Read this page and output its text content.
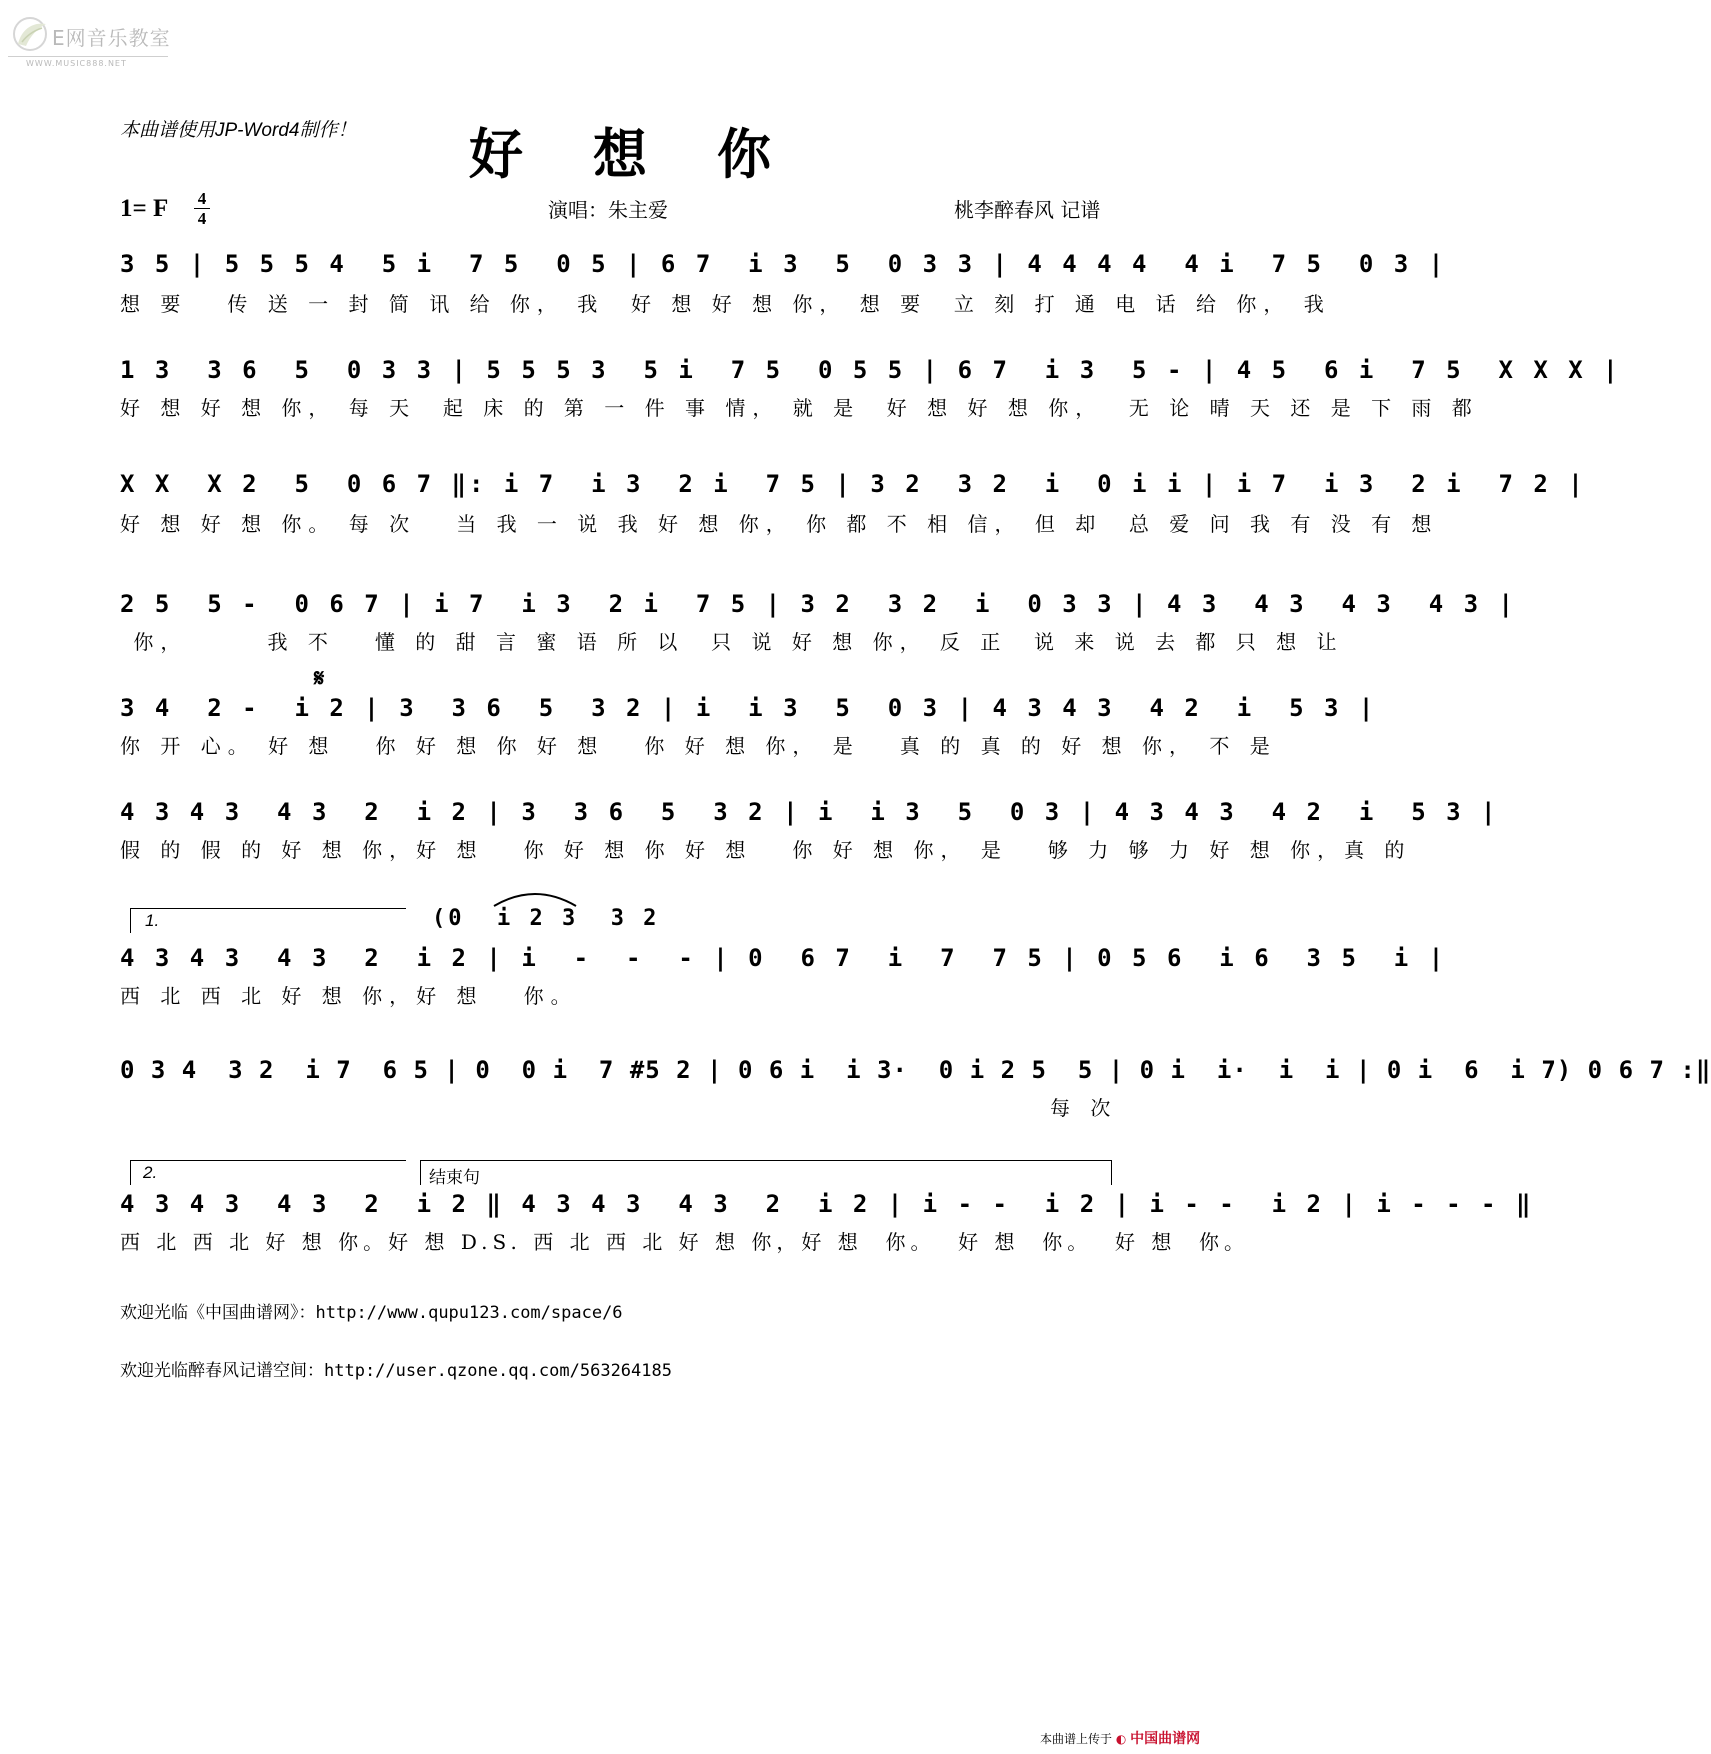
E网音乐教室
WWW.MUSIC888.NET
本曲谱使用JP-Word4制作！	好想你
1= F 4
4	演唱：朱主爱	桃李醉春风 记谱
3 5 | 5 5 5 4  5 i  7 5  0 5 | 6 7  i 3  5  0 3 3 | 4 4 4 4  4 i  7 5  0 3 |
想 要   传 送 一 封 简 讯 给 你， 我  好 想 好 想 你， 想 要  立 刻 打 通 电 话 给 你， 我
1 3  3 6  5  0 3 3 | 5 5 5 3  5 i  7 5  0 5 5 | 6 7  i 3  5 - | 4 5  6 i  7 5  X X X |
好 想 好 想 你， 每 天  起 床 的 第 一 件 事 情， 就 是  好 想 好 想 你，  无 论 晴 天 还 是 下 雨 都
X X  X 2  5  0 6 7 ‖: i 7  i 3  2 i  7 5 | 3 2  3 2  i  0 i i | i 7  i 3  2 i  7 2 |
好 想 好 想 你。 每 次   当 我 一 说 我 好 想 你， 你 都 不 相 信， 但 却  总 爱 问 我 有 没 有 想
2 5  5 -  0 6 7 | i 7  i 3  2 i  7 5 | 3 2  3 2  i  0 3 3 | 4 3  4 3  4 3  4 3 |
你，      我 不   懂 的 甜 言 蜜 语 所 以  只 说 好 想 你， 反 正  说 来 说 去 都 只 想 让
𝄋
3 4  2 -  i 2 | 3  3 6  5  3 2 | i  i 3  5  0 3 | 4 3 4 3  4 2  i  5 3 |
你 开 心。 好 想   你 好 想 你 好 想   你 好 想 你， 是   真 的 真 的 好 想 你， 不 是
4 3 4 3  4 3  2  i 2 | 3  3 6  5  3 2 | i  i 3  5  0 3 | 4 3 4 3  4 2  i  5 3 |
假 的 假 的 好 想 你，好 想   你 好 想 你 好 想   你 好 想 你， 是   够 力 够 力 好 想 你，真 的
1.	(0  i 2 3  3 2
4 3 4 3  4 3  2  i 2 | i  -  -  - | 0  6 7  i  7  7 5 | 0 5 6  i 6  3 5  i |
西 北 西 北 好 想 你，好 想   你。
0 3 4  3 2  i 7  6 5 | 0  0 i  7 #5 2 | 0 6 i  i 3·  0 i 2 5  5 | 0 i  i·  i  i | 0 i  6  i 7) 0 6 7 :‖
每 次
2.	结束句
4 3 4 3  4 3  2  i 2 ‖ 4 3 4 3  4 3  2  i 2 | i - -  i 2 | i - -  i 2 | i - - - ‖
西 北 西 北 好 想 你。好 想 D.S. 西 北 西 北 好 想 你，好 想  你。  好 想  你。  好 想  你。
欢迎光临《中国曲谱网》：http://www.qupu123.com/space/6
欢迎光临醉春风记谱空间：http://user.qzone.qq.com/563264185
本曲谱上传于 ◐ 中国曲谱网
